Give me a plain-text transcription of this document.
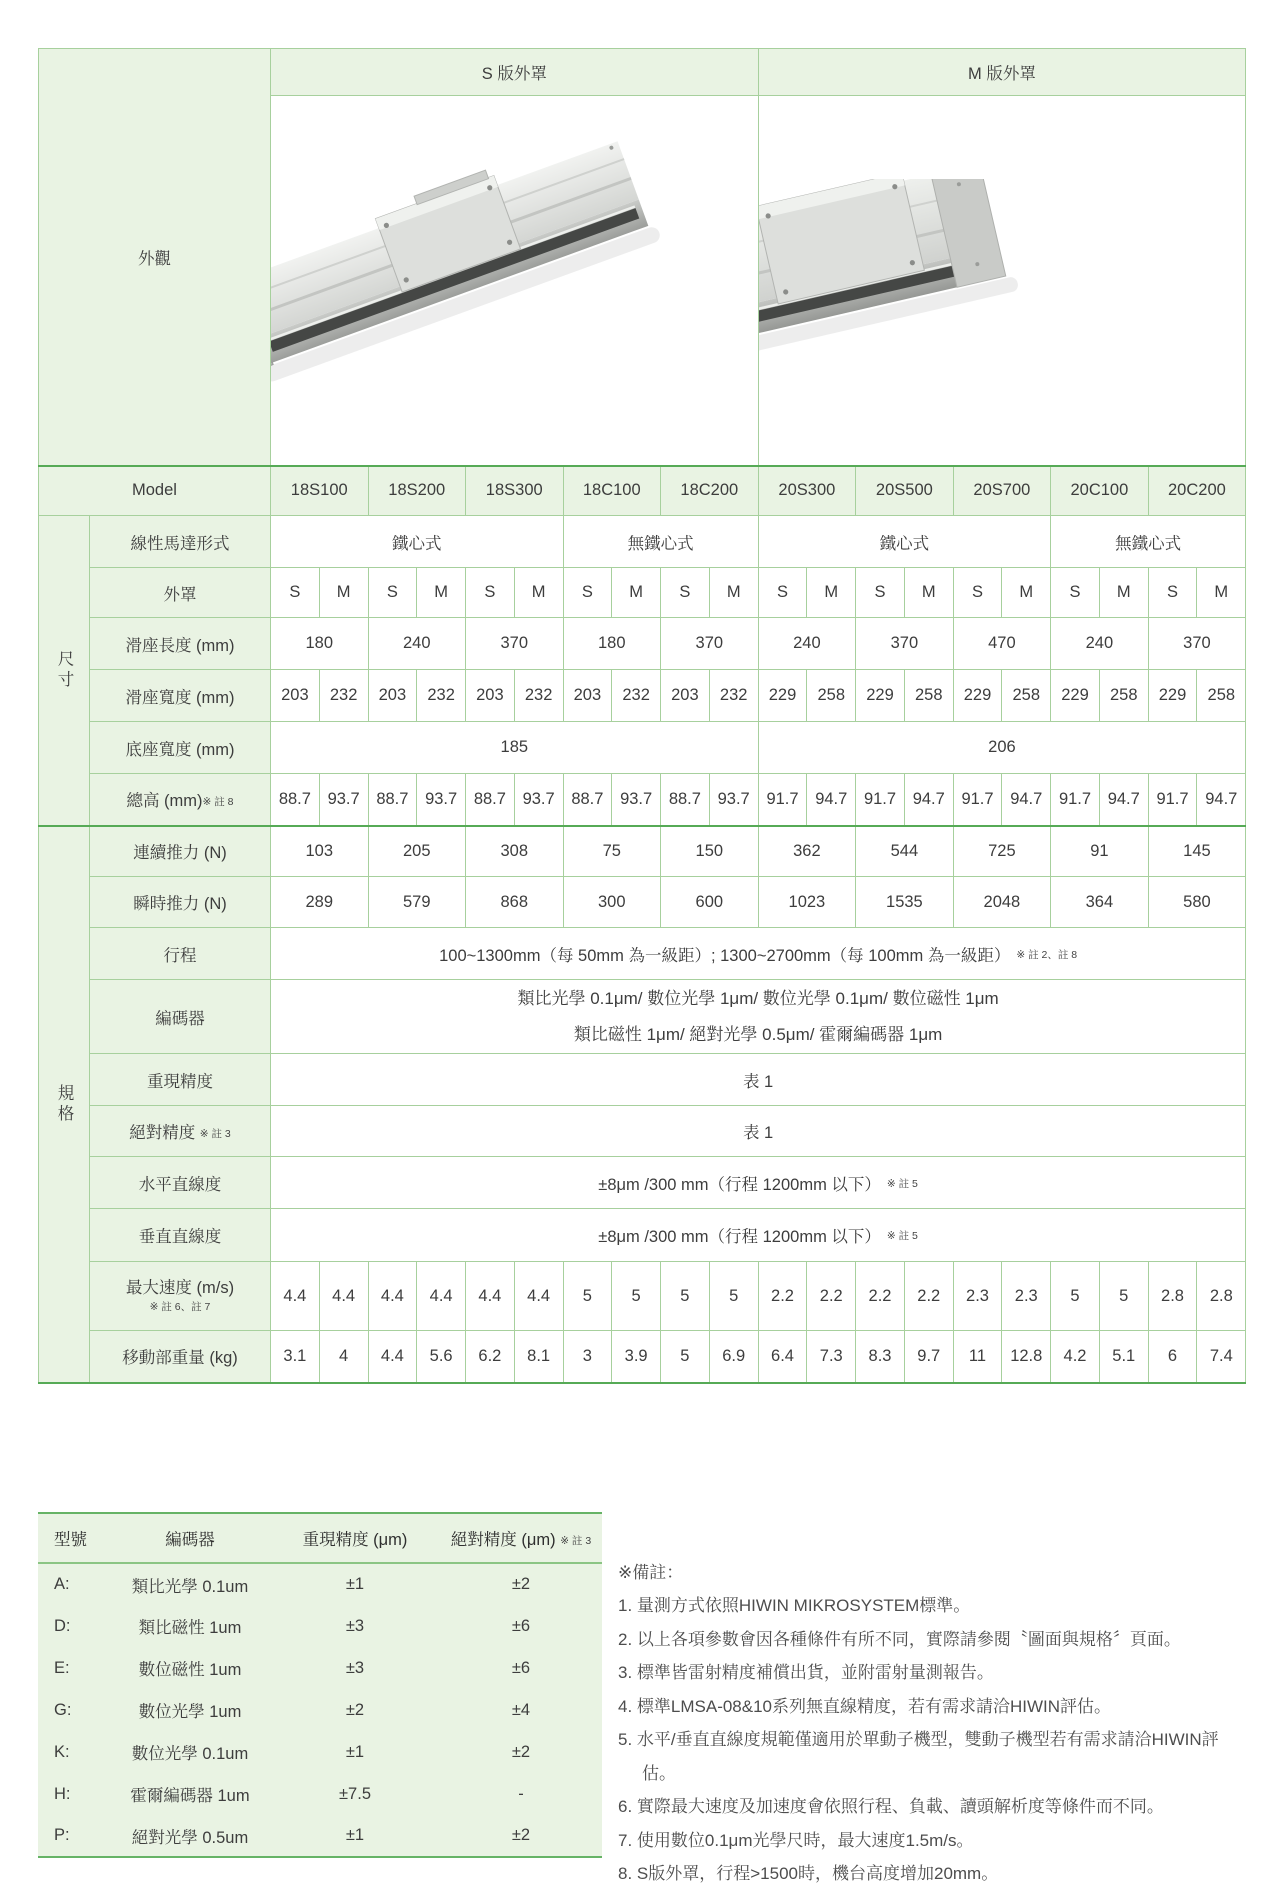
外觀		S 版外罩										M 版外罩									

Model		18S100		18S200		18S300		18C100		18C200		20S300		20S500		20S700		20C100		20C200	
尺寸	線性馬達形式	鐵心式						無鐵心式				鐵心式						無鐵心式			
	外罩	S	M	S	M	S	M	S	M	S	M	S	M	S	M	S	M	S	M	S	M
	滑座長度 (mm)	180		240		370		180		370		240		370		470		240		370	
	滑座寬度 (mm)	203	232	203	232	203	232	203	232	203	232	229	258	229	258	229	258	229	258	229	258
	底座寬度 (mm)	185										206									
	總高 (mm)※ 註 8	88.7	93.7	88.7	93.7	88.7	93.7	88.7	93.7	88.7	93.7	91.7	94.7	91.7	94.7	91.7	94.7	91.7	94.7	91.7	94.7
規格	連續推力 (N)	103		205		308		75		150		362		544		725		91		145	
	瞬時推力 (N)	289		579		868		300		600		1023		1535		2048		364		580	
	行程	100~1300mm（每 50mm 為一級距）; 1300~2700mm（每 100mm 為一級距） ※ 註 2、註 8																			
	編碼器	類比光學 0.1μm/ 數位光學 1μm/ 數位光學 0.1μm/ 數位磁性 1μm
類比磁性 1μm/ 絕對光學 0.5μm/ 霍爾編碼器 1μm																			

	重現精度	表 1																			
	絕對精度 ※ 註 3	表 1																			
	水平直線度	±8μm /300 mm（行程 1200mm 以下） ※ 註 5																			
	垂直直線度	±8μm /300 mm（行程 1200mm 以下） ※ 註 5																			

	最大速度 (m/s)
※ 註 6、註 7	4.4	4.4	4.4	4.4	4.4	4.4	5	5	5	5	2.2	2.2	2.2	2.2	2.3	2.3	5	5	2.8	2.8
	移動部重量 (kg)	3.1	4	4.4	5.6	6.2	8.1	3	3.9	5	6.9	6.4	7.3	8.3	9.7	11	12.8	4.2	5.1	6	7.4
型號	編碼器	重現精度 (μm)	絕對精度 (μm) ※ 註 3
A:	類比光學 0.1um	±1	±2
D:	類比磁性 1um	±3	±6
E:	數位磁性 1um	±3	±6
G:	數位光學 1um	±2	±4
K:	數位光學 0.1um	±1	±2
H:	霍爾編碼器 1um	±7.5	-
P:	絕對光學 0.5um	±1	±2
※備註：
1. 量測方式依照HIWIN MIKROSYSTEM標準。
2. 以上各項參數會因各種條件有所不同，實際請參閱〝圖面與規格〞頁面。
3. 標準皆雷射精度補償出貨，並附雷射量測報告。
4. 標準LMSA-08&10系列無直線精度，若有需求請洽HIWIN評估。
5. 水平/垂直直線度規範僅適用於單動子機型，雙動子機型若有需求請洽HIWIN評估。
6. 實際最大速度及加速度會依照行程、負載、讀頭解析度等條件而不同。
7. 使用數位0.1μm光學尺時，最大速度1.5m/s。
8. S版外罩，行程>1500時，機台高度增加20mm。
